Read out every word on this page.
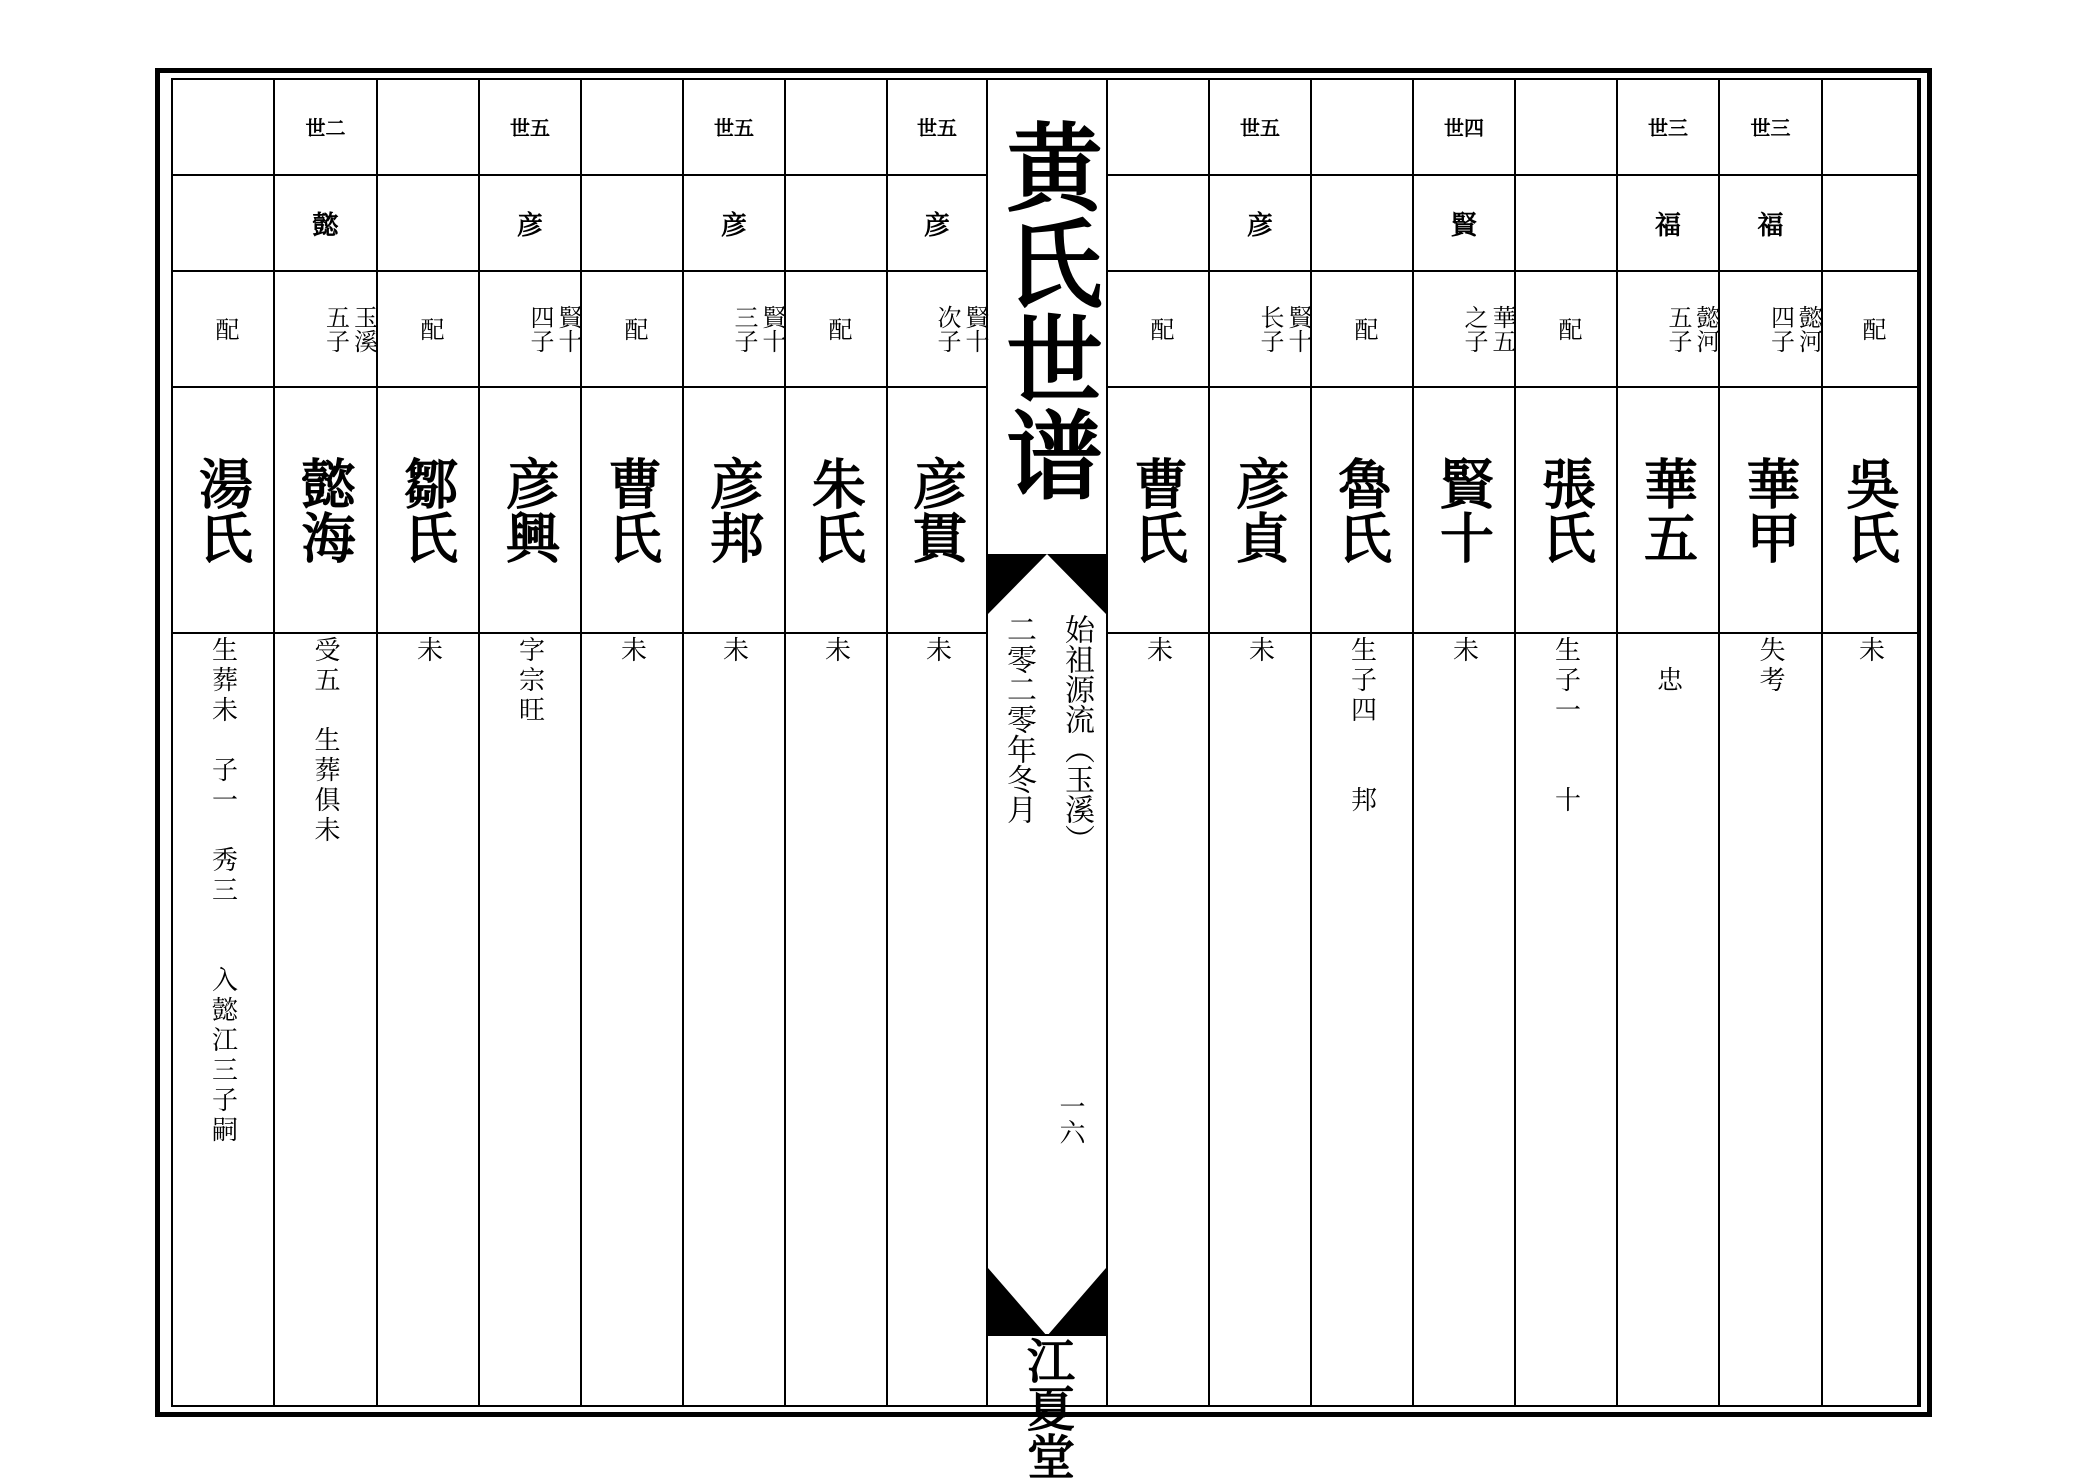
配
湯氏
生葬未　子一　秀三　　入懿江三子嗣
世二
懿
玉溪
五子
懿海
受五　生葬俱未
配
鄒氏
未
世五
彦
賢十
四子
彦興
字宗旺
配
曹氏
未
世五
彦
賢十
三子
彦邦
未
配
朱氏
未
世五
彦
賢十
次子
彦貫
未
配
曹氏
未
世五
彦
賢十
长子
彦貞
未
配
魯氏
生子四　　邦
世四
賢
華五
之子
賢十
未
配
張氏
生子一　　十
世三
福
懿河
五子
華五
　忠
世三
福
懿河
四子
華甲
失考
配
吳氏
未
黄氏世谱
始祖源流（玉溪）
二零二零年冬月
一六
江夏堂
